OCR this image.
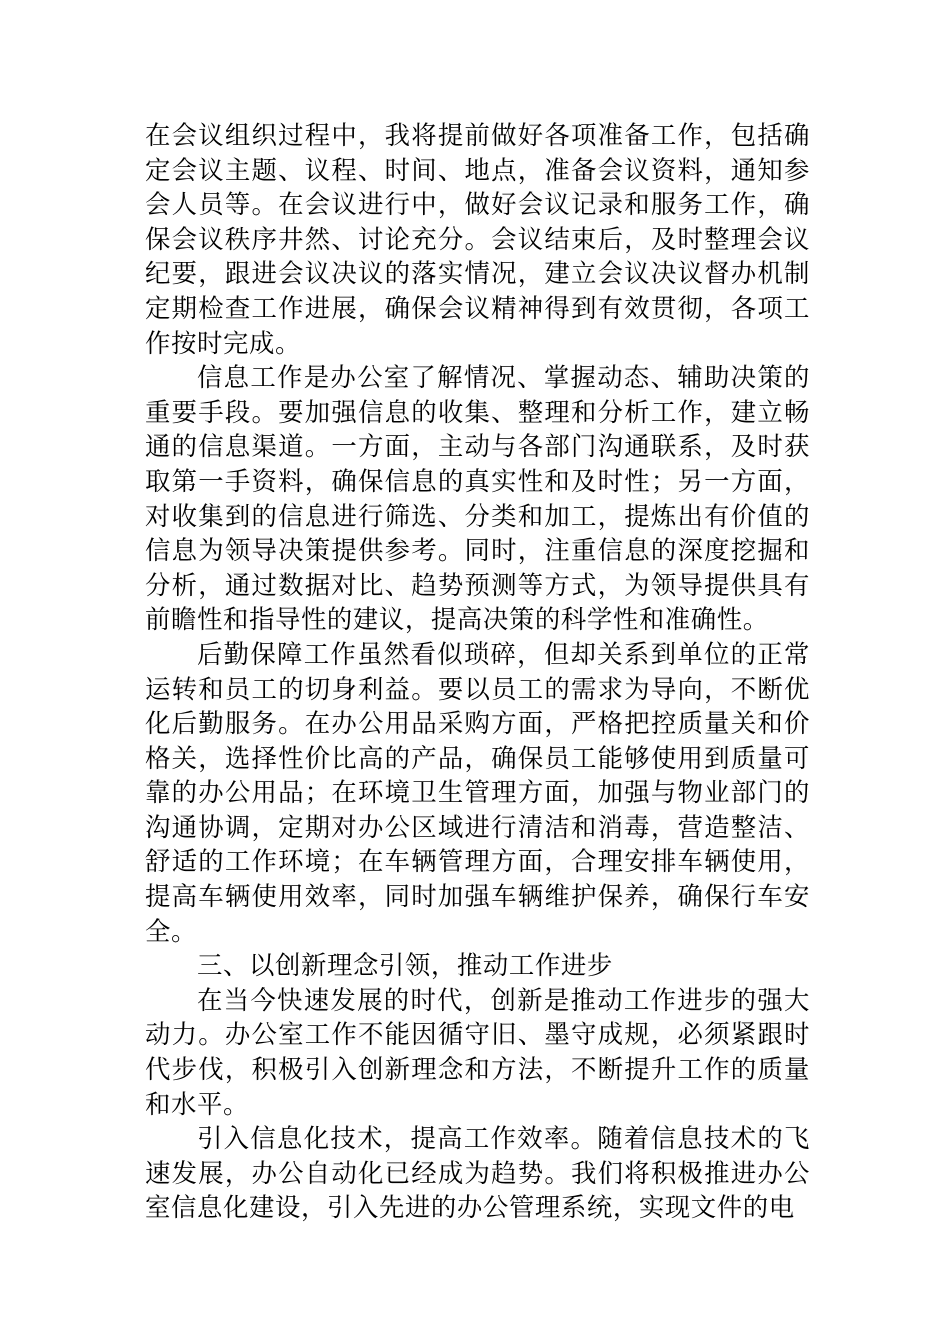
在会议组织过程中，我将提前做好各项准备工作，包括确定会议主题、议程、时间、地点，准备会议资料，通知参会人员等。在会议进行中，做好会议记录和服务工作，确保会议秩序井然、讨论充分。会议结束后，及时整理会议纪要，跟进会议决议的落实情况，建立会议决议督办机制定期检查工作进展，确保会议精神得到有效贯彻，各项工作按时完成。

信息工作是办公室了解情况、掌握动态、辅助决策的重要手段。要加强信息的收集、整理和分析工作，建立畅通的信息渠道。一方面，主动与各部门沟通联系，及时获取第一手资料，确保信息的真实性和及时性；另一方面，对收集到的信息进行筛选、分类和加工，提炼出有价值的信息为领导决策提供参考。同时，注重信息的深度挖掘和分析，通过数据对比、趋势预测等方式，为领导提供具有前瞻性和指导性的建议，提高决策的科学性和准确性。

后勤保障工作虽然看似琐碎，但却关系到单位的正常运转和员工的切身利益。要以员工的需求为导向，不断优化后勤服务。在办公用品采购方面，严格把控质量关和价格关，选择性价比高的产品，确保员工能够使用到质量可靠的办公用品；在环境卫生管理方面，加强与物业部门的沟通协调，定期对办公区域进行清洁和消毒，营造整洁、舒适的工作环境；在车辆管理方面，合理安排车辆使用，提高车辆使用效率，同时加强车辆维护保养，确保行车安全。

三、以创新理念引领，推动工作进步

在当今快速发展的时代，创新是推动工作进步的强大动力。办公室工作不能因循守旧、墨守成规，必须紧跟时代步伐，积极引入创新理念和方法，不断提升工作的质量和水平。

引入信息化技术，提高工作效率。随着信息技术的飞速发展，办公自动化已经成为趋势。我们将积极推进办公室信息化建设，引入先进的办公管理系统，实现文件的电
